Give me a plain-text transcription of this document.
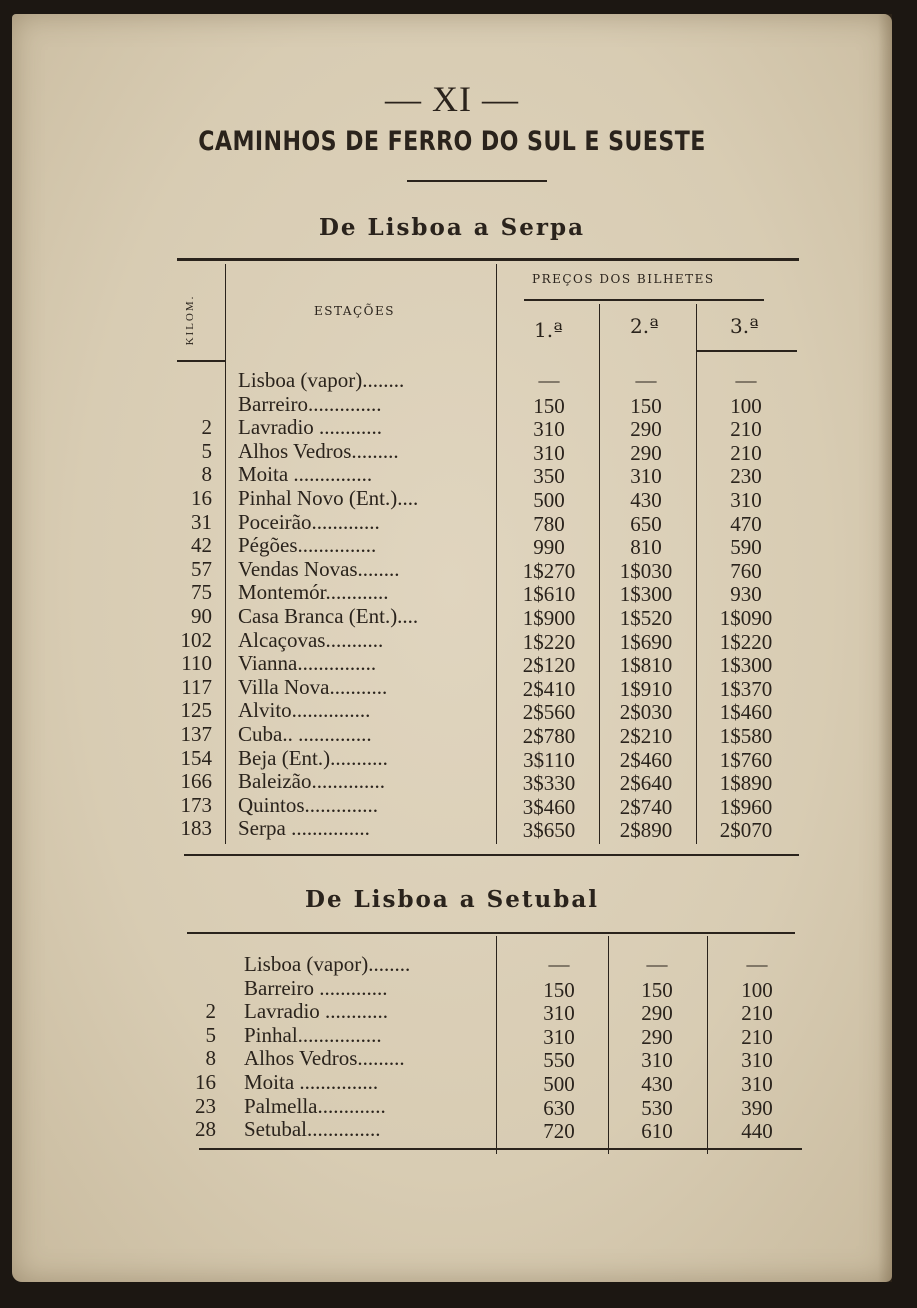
— XI —
CAMINHOS DE FERRO DO SUL E SUESTE
De Lisboa a Serpa
KILOM.	ESTAÇÕES
PREÇOS DOS BILHETES
1.ª	2.ª	3.ª
Lisboa (vapor)........	—	—	—
Barreiro..............	150	150	100
2 Lavradio ............	310	290	210
5 Alhos Vedros.........	310	290	210
8 Moita ...............	350	310	230
16 Pinhal Novo (Ent.)....	500	430	310
31 Poceirão.............	780	650	470
42 Pégões...............	990	810	590
57 Vendas Novas........	1$270	1$030	760
75 Montemór............	1$610	1$300	930
90 Casa Branca (Ent.)....	1$900	1$520	1$090
102 Alcaçovas...........	1$220	1$690	1$220
110 Vianna...............	2$120	1$810	1$300
117 Villa Nova...........	2$410	1$910	1$370
125 Alvito...............	2$560	2$030	1$460
137 Cuba.. ..............	2$780	2$210	1$580
154 Beja (Ent.)...........	3$110	2$460	1$760
166 Baleizão..............	3$330	2$640	1$890
173 Quintos..............	3$460	2$740	1$960
183 Serpa ...............	3$650	2$890	2$070
De Lisboa a Setubal
Lisboa (vapor)........	—	—	—
Barreiro .............	150	150	100
2 Lavradio ............	310	290	210
5 Pinhal................	310	290	210
8 Alhos Vedros.........	550	310	310
16 Moita ...............	500	430	310
23 Palmella.............	630	530	390
28 Setubal..............	720	610	440
